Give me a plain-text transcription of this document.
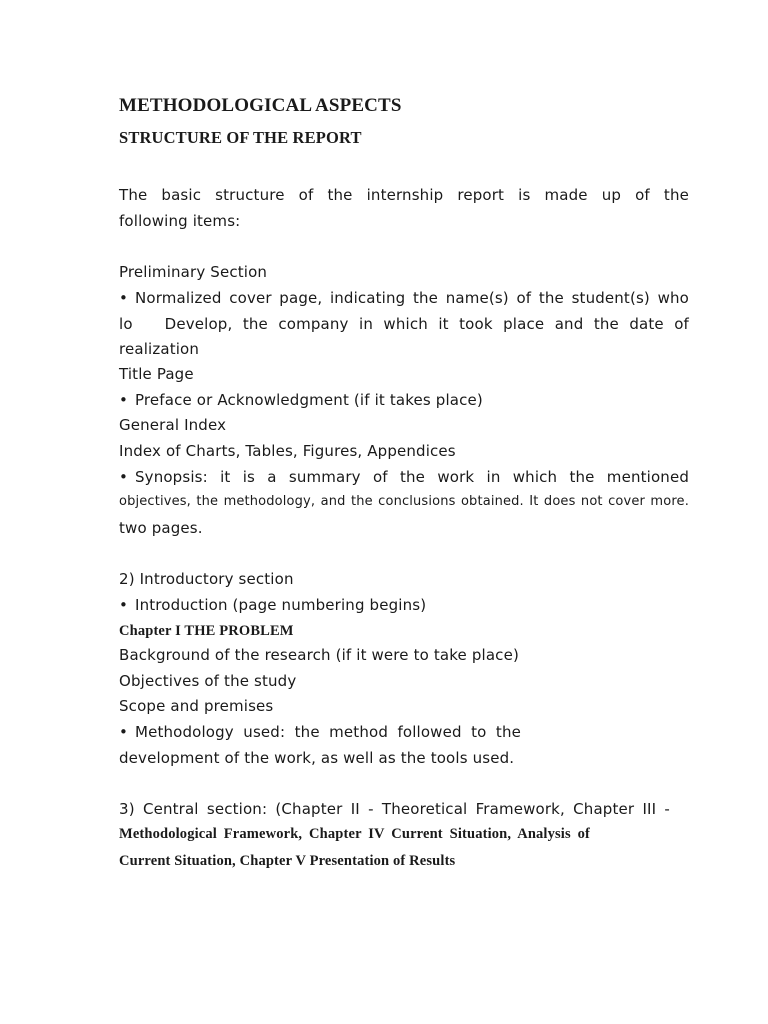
METHODOLOGICAL ASPECTS
STRUCTURE OF THE REPORT
The basic structure of the internship report is made up of the
following items:
Preliminary Section
• Normalized cover page, indicating the name(s) of the student(s) who
lo Develop, the company in which it took place and the date of
realization
Title Page
• Preface or Acknowledgment (if it takes place)
General Index
Index of Charts, Tables, Figures, Appendices
• Synopsis: it is a summary of the work in which the mentioned
objectives, the methodology, and the conclusions obtained. It does not cover more.
two pages.
2) Introductory section
• Introduction (page numbering begins)
Chapter I THE PROBLEM
Background of the research (if it were to take place)
Objectives of the study
Scope and premises
• Methodology used: the method followed to the
development of the work, as well as the tools used.
3) Central section: (Chapter II - Theoretical Framework, Chapter III -
Methodological Framework, Chapter IV Current Situation, Analysis of
Current Situation, Chapter V Presentation of Results
